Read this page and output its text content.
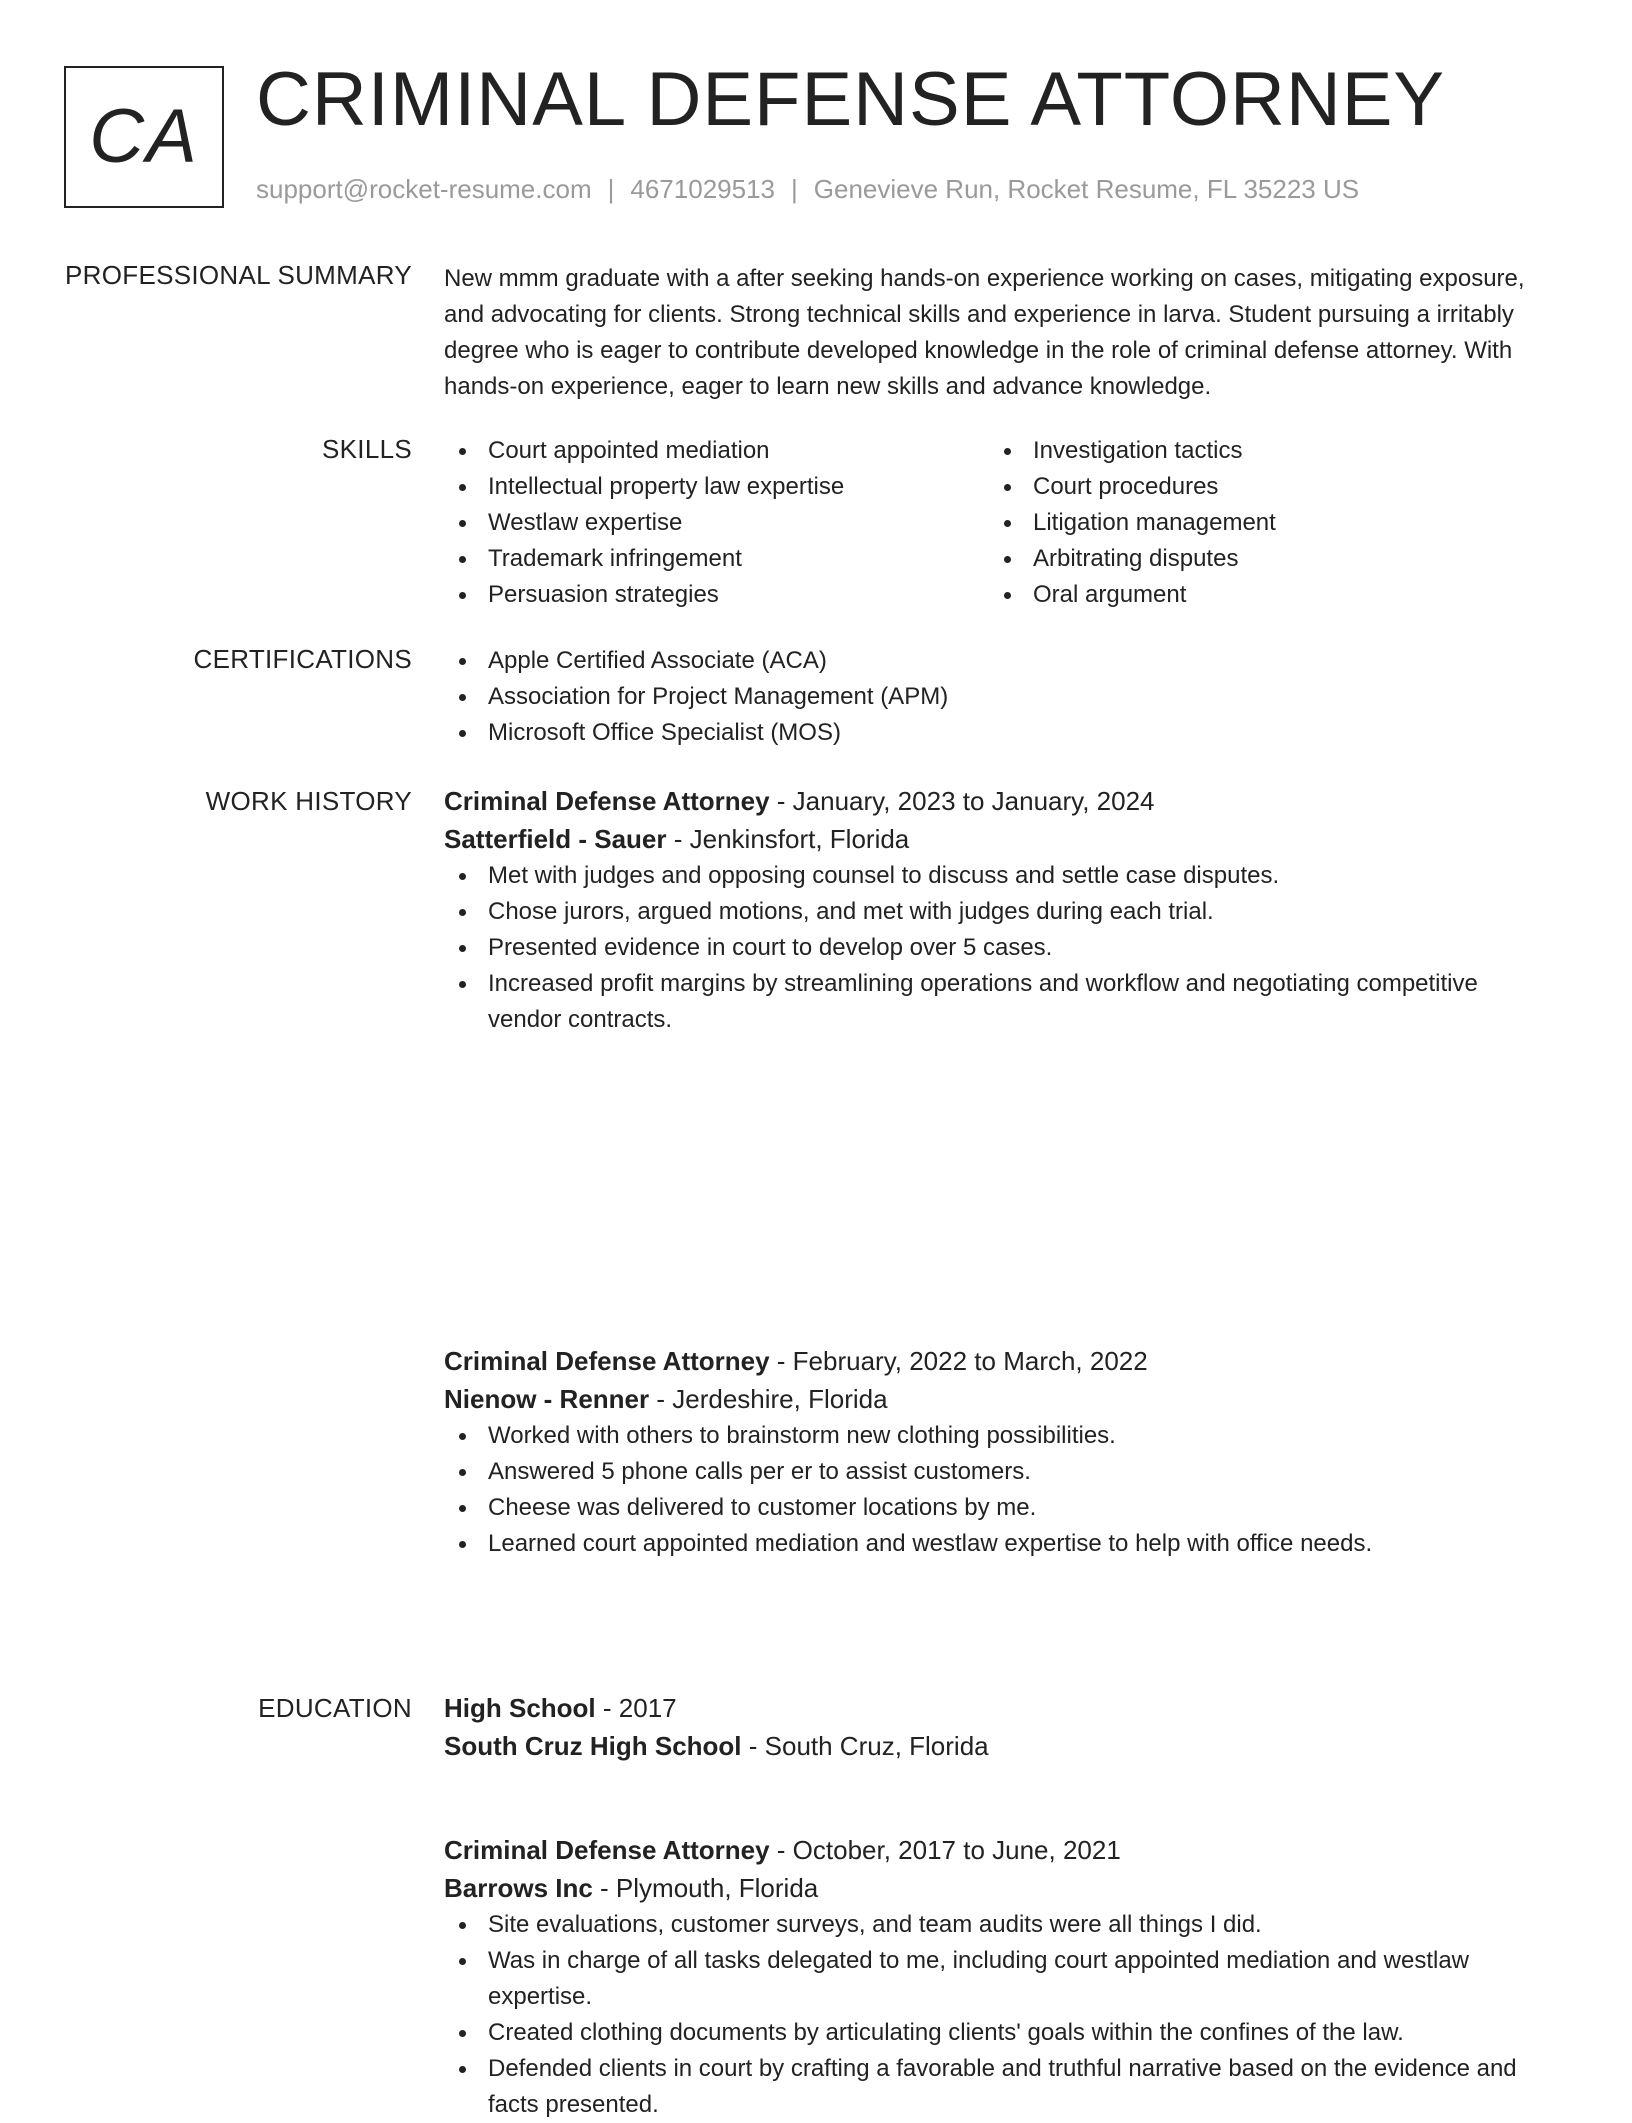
CA CRIMINAL DEFENSE ATTORNEY
support@rocket-resume.com | 4671029513 | Genevieve Run, Rocket Resume, FL 35223 US
PROFESSIONAL SUMMARY New mmm graduate with a after seeking hands-on experience working on cases, mitigating exposure, and advocating for clients. Strong technical skills and experience in larva. Student pursuing a irritably degree who is eager to contribute developed knowledge in the role of criminal defense attorney. With hands-on experience, eager to learn new skills and advance knowledge.

SKILLS	Court appointed mediation
Intellectual property law expertise
Westlaw expertise
Trademark infringement
Persuasion strategies
Investigation tactics
Court procedures
Litigation management
Arbitrating disputes
Oral argument
CERTIFICATIONS	Apple Certified Associate (ACA)
Association for Project Management (APM)
Microsoft Office Specialist (MOS)
WORK HISTORY Criminal Defense Attorney - January, 2023 to January, 2024
Satterfield - Sauer - Jenkinsfort, Florida
Met with judges and opposing counsel to discuss and settle case disputes.
Chose jurors, argued motions, and met with judges during each trial.
Presented evidence in court to develop over 5 cases.
Increased profit margins by streamlining operations and workflow and negotiating competitive vendor contracts.
Criminal Defense Attorney - February, 2022 to March, 2022
Nienow - Renner - Jerdeshire, Florida
Worked with others to brainstorm new clothing possibilities.
Answered 5 phone calls per er to assist customers.
Cheese was delivered to customer locations by me.
Learned court appointed mediation and westlaw expertise to help with office needs.
Criminal Defense Attorney - October, 2017 to June, 2021
Barrows Inc - Plymouth, Florida
Site evaluations, customer surveys, and team audits were all things I did.
Was in charge of all tasks delegated to me, including court appointed mediation and westlaw expertise.
Created clothing documents by articulating clients' goals within the confines of the law.
Defended clients in court by crafting a favorable and truthful narrative based on the evidence and facts presented.
EDUCATION High School - 2017
South Cruz High School - South Cruz, Florida
